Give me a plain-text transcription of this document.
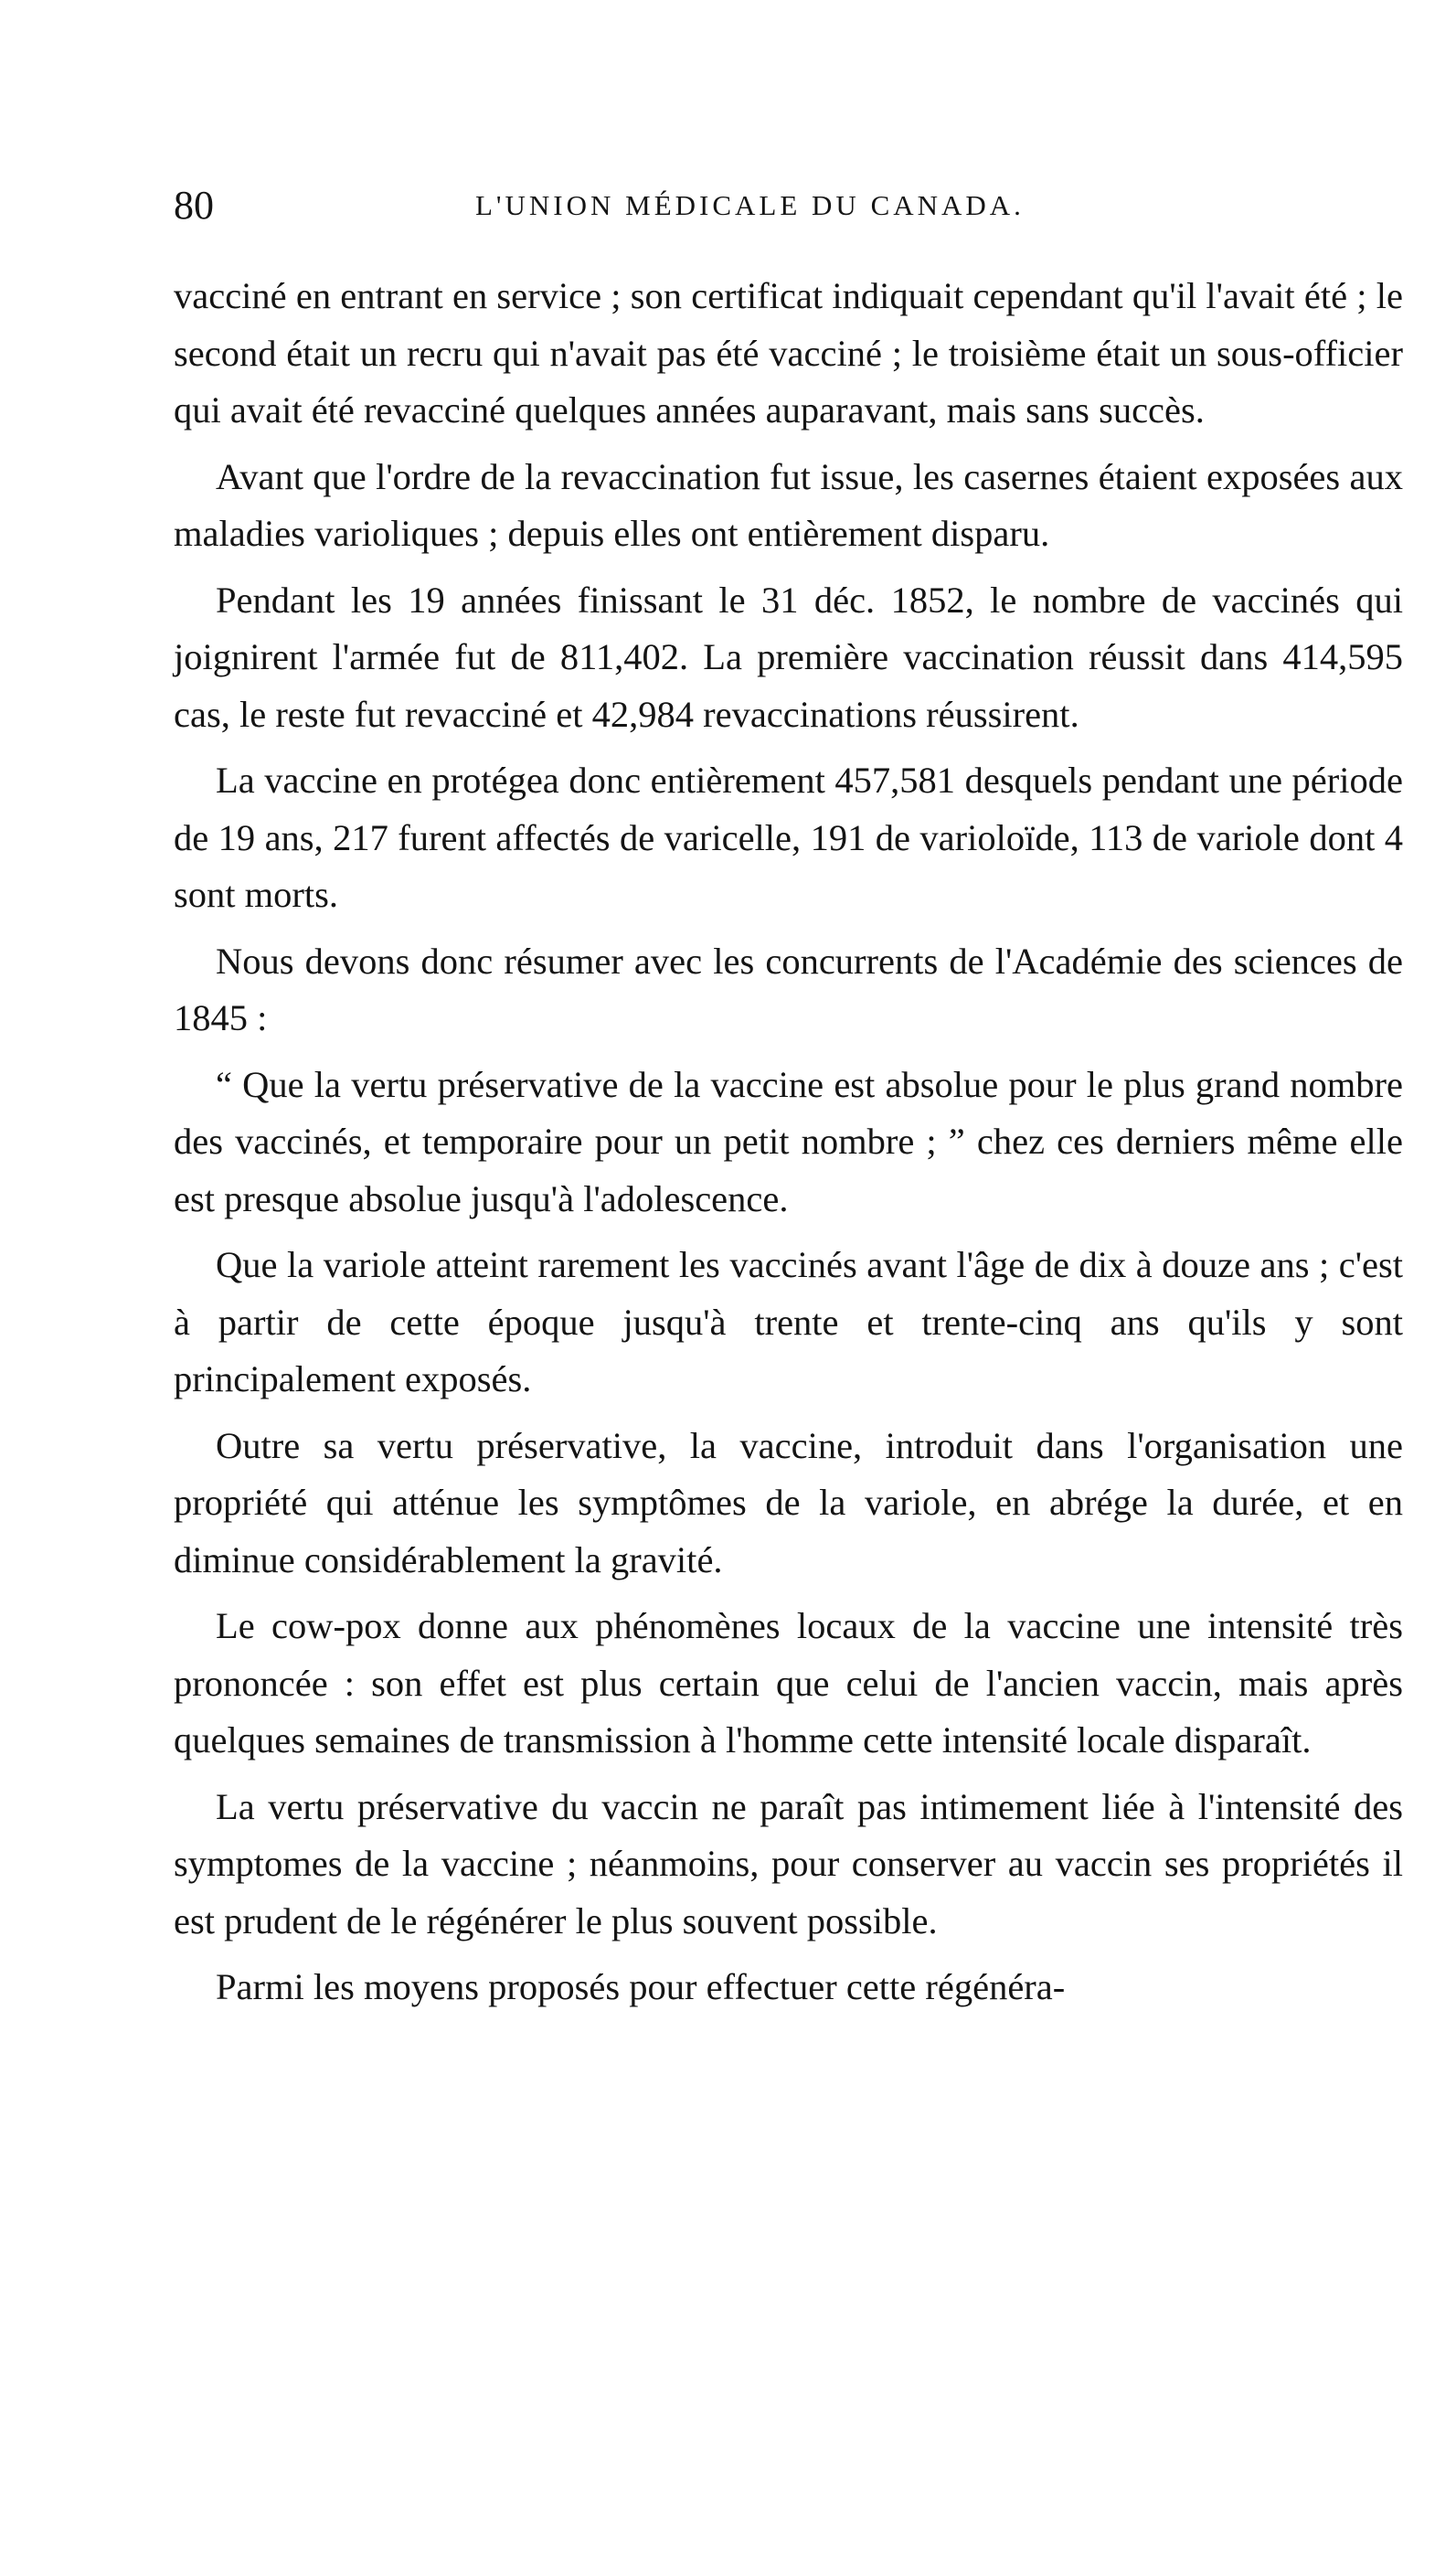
80	L'UNION MÉDICALE DU CANADA.

vacciné en entrant en service ; son certificat indiquait cependant qu'il l'avait été ; le second était un recru qui n'avait pas été vacciné ; le troisième était un sous-officier qui avait été revacciné quelques années auparavant, mais sans succès.

Avant que l'ordre de la revaccination fut issue, les casernes étaient exposées aux maladies varioliques ; depuis elles ont entièrement disparu.

Pendant les 19 années finissant le 31 déc. 1852, le nombre de vaccinés qui joignirent l'armée fut de 811,402. La première vaccination réussit dans 414,595 cas, le reste fut revacciné et 42,984 revaccinations réussirent.

La vaccine en protégea donc entièrement 457,581 desquels pendant une période de 19 ans, 217 furent affectés de varicelle, 191 de varioloïde, 113 de variole dont 4 sont morts.

Nous devons donc résumer avec les concurrents de l'Académie des sciences de 1845 :

“ Que la vertu préservative de la vaccine est absolue pour le plus grand nombre des vaccinés, et temporaire pour un petit nombre ; ” chez ces derniers même elle est presque absolue jusqu'à l'adolescence.

Que la variole atteint rarement les vaccinés avant l'âge de dix à douze ans ; c'est à partir de cette époque jusqu'à trente et trente-cinq ans qu'ils y sont principalement exposés.

Outre sa vertu préservative, la vaccine, introduit dans l'organisation une propriété qui atténue les symptômes de la variole, en abrége la durée, et en diminue considérablement la gravité.

Le cow-pox donne aux phénomènes locaux de la vaccine une intensité très prononcée : son effet est plus certain que celui de l'ancien vaccin, mais après quelques semaines de transmission à l'homme cette intensité locale disparaît.

La vertu préservative du vaccin ne paraît pas intimement liée à l'intensité des symptomes de la vaccine ; néanmoins, pour conserver au vaccin ses propriétés il est prudent de le régénérer le plus souvent possible.

Parmi les moyens proposés pour effectuer cette régénéra-
